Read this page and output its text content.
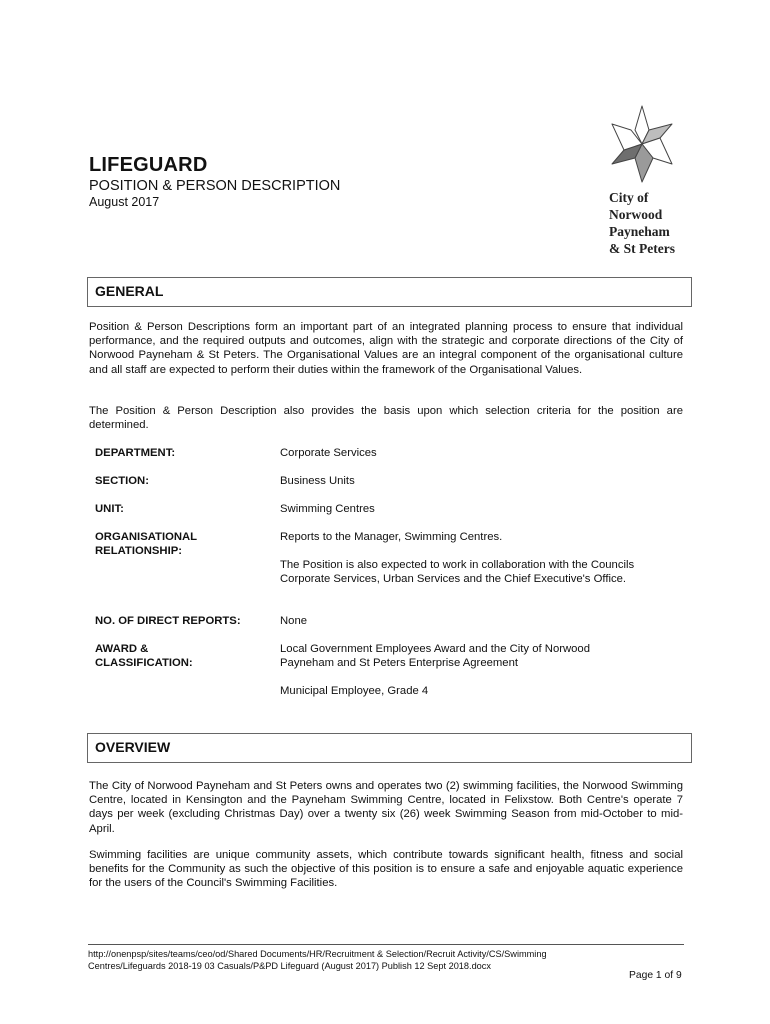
LIFEGUARD
POSITION & PERSON DESCRIPTION
August 2017	City of
Norwood
Payneham
& St Peters
GENERAL
Position & Person Descriptions form an important part of an integrated planning process to ensure that individual performance, and the required outputs and outcomes, align with the strategic and corporate directions of the City of Norwood Payneham & St Peters. The Organisational Values are an integral component of the organisational culture and all staff are expected to perform their duties within the framework of the Organisational Values.
The Position & Person Description also provides the basis upon which selection criteria for the position are determined.
DEPARTMENT:	Corporate Services
SECTION:	Business Units
UNIT:	Swimming Centres
ORGANISATIONAL
RELATIONSHIP:
Reports to the Manager, Swimming Centres.
The Position is also expected to work in collaboration with the Councils Corporate Services, Urban Services and the Chief Executive's Office.
NO. OF DIRECT REPORTS:	None
AWARD &
CLASSIFICATION:
Local Government Employees Award and the City of Norwood Payneham and St Peters Enterprise Agreement
Municipal Employee, Grade 4
OVERVIEW
The City of Norwood Payneham and St Peters owns and operates two (2) swimming facilities, the Norwood Swimming Centre, located in Kensington and the Payneham Swimming Centre, located in Felixstow. Both Centre's operate 7 days per week (excluding Christmas Day) over a twenty six (26) week Swimming Season from mid-October to mid- April.
Swimming facilities are unique community assets, which contribute towards significant health, fitness and social benefits for the Community as such the objective of this position is to ensure a safe and enjoyable aquatic experience for the users of the Council's Swimming Facilities.
http://onenpsp/sites/teams/ceo/od/Shared Documents/HR/Recruitment & Selection/Recruit Activity/CS/Swimming
Centres/Lifeguards 2018-19 03 Casuals/P&PD Lifeguard (August 2017) Publish 12 Sept 2018.docx
Page 1 of 9
